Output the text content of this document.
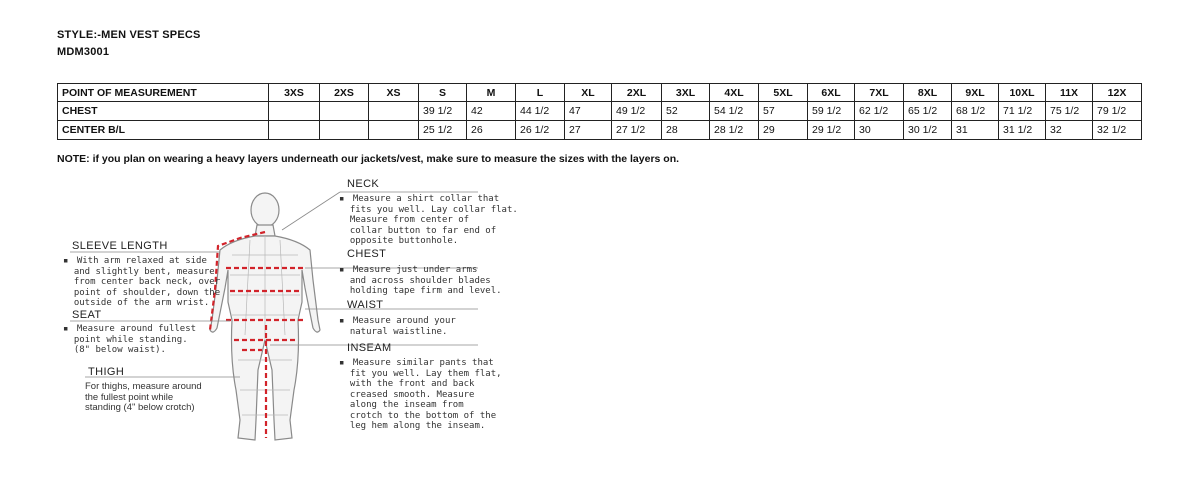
STYLE:-MEN VEST SPECS
MDM3001
POINT OF MEASUREMENT	3XS	2XS	XS	S	M	L	XL	2XL	3XL	4XL	5XL	6XL	7XL	8XL	9XL	10XL	11X	12X
CHEST				39 1/2	42	44 1/2	47	49 1/2	52	54 1/2	57	59 1/2	62 1/2	65 1/2	68 1/2	71 1/2	75 1/2	79 1/2
CENTER B/L				25 1/2	26	26 1/2	27	27 1/2	28	28 1/2	29	29 1/2	30	30 1/2	31	31 1/2	32	32 1/2
NOTE: if you plan on wearing a heavy layers underneath our jackets/vest, make sure to measure the sizes with the layers on.
NECK
▪ Measure a shirt collar that
fits you well. Lay collar flat.
Measure from center of
collar button to far end of
opposite buttonhole.
CHEST
▪ Measure just under arms
and across shoulder blades
holding tape firm and level.
WAIST
▪ Measure around your
natural waistline.
INSEAM
▪ Measure similar pants that
fit you well. Lay them flat,
with the front and back
creased smooth. Measure
along the inseam from
crotch to the bottom of the
leg hem along the inseam.
SLEEVE LENGTH
▪ With arm relaxed at side
and slightly bent, measure
from center back neck, over
point of shoulder, down the
outside of the arm wrist.
SEAT
▪ Measure around fullest
point while standing.
(8" below waist).
THIGH
For thighs, measure around
the fullest point while
standing (4" below crotch)
